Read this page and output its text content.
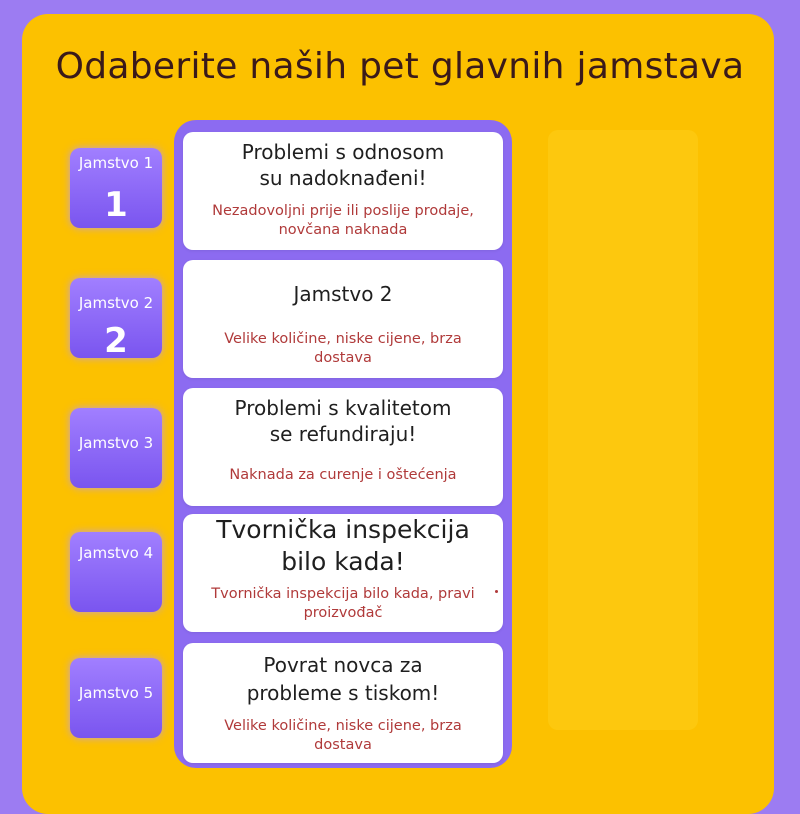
Odaberite naših pet glavnih jamstava
Jamstvo 1
1
Problemi s odnosom
su nadoknađeni!
Nezadovoljni prije ili poslije prodaje,
novčana naknada
Jamstvo 2
2
Jamstvo 2
Velike količine, niske cijene, brza
dostava
Jamstvo 3
Problemi s kvalitetom
se refundiraju!
Naknada za curenje i oštećenja
Jamstvo 4
Tvornička inspekcija
bilo kada!
Tvornička inspekcija bilo kada, pravi
proizvođač
Jamstvo 5
Povrat novca za
probleme s tiskom!
Velike količine, niske cijene, brza
dostava
